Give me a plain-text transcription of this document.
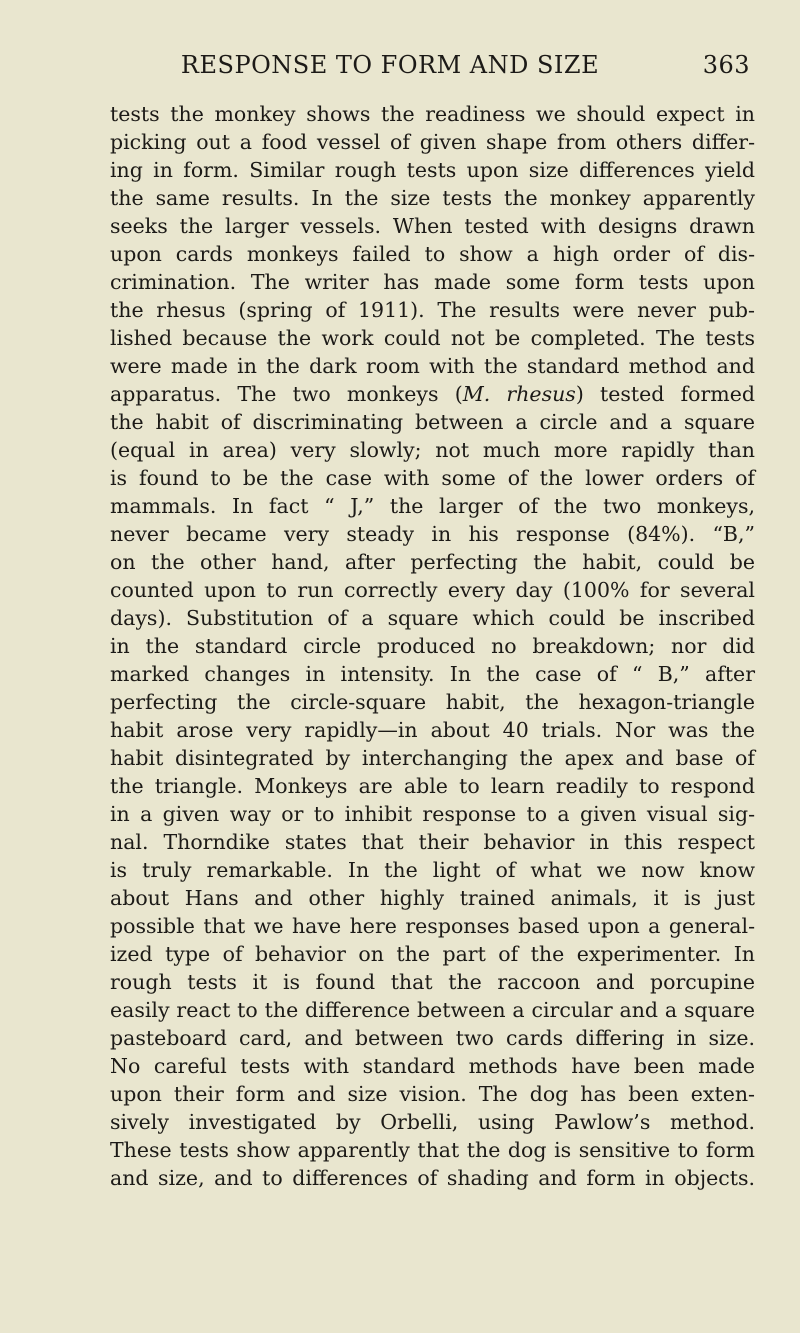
RESPONSE TO FORM AND SIZE	363
tests the monkey shows the readiness we should expect in
picking out a food vessel of given shape from others differ-
ing in form. Similar rough tests upon size differences yield
the same results. In the size tests the monkey apparently
seeks the larger vessels. When tested with designs drawn
upon cards monkeys failed to show a high order of dis-
crimination. The writer has made some form tests upon
the rhesus (spring of 1911). The results were never pub-
lished because the work could not be completed. The tests
were made in the dark room with the standard method and
apparatus. The two monkeys (M. rhesus) tested formed
the habit of discriminating between a circle and a square
(equal in area) very slowly; not much more rapidly than
is found to be the case with some of the lower orders of
mammals. In fact “ J,” the larger of the two monkeys,
never became very steady in his response (84%). “B,”
on the other hand, after perfecting the habit, could be
counted upon to run correctly every day (100% for several
days). Substitution of a square which could be inscribed
in the standard circle produced no breakdown; nor did
marked changes in intensity. In the case of “ B,” after
perfecting the circle-square habit, the hexagon-triangle
habit arose very rapidly—in about 40 trials. Nor was the
habit disintegrated by interchanging the apex and base of
the triangle. Monkeys are able to learn readily to respond
in a given way or to inhibit response to a given visual sig-
nal. Thorndike states that their behavior in this respect
is truly remarkable. In the light of what we now know
about Hans and other highly trained animals, it is just
possible that we have here responses based upon a general-
ized type of behavior on the part of the experimenter. In
rough tests it is found that the raccoon and porcupine
easily react to the difference between a circular and a square
pasteboard card, and between two cards differing in size.
No careful tests with standard methods have been made
upon their form and size vision. The dog has been exten-
sively investigated by Orbelli, using Pawlow’s method.
These tests show apparently that the dog is sensitive to form
and size, and to differences of shading and form in objects.
